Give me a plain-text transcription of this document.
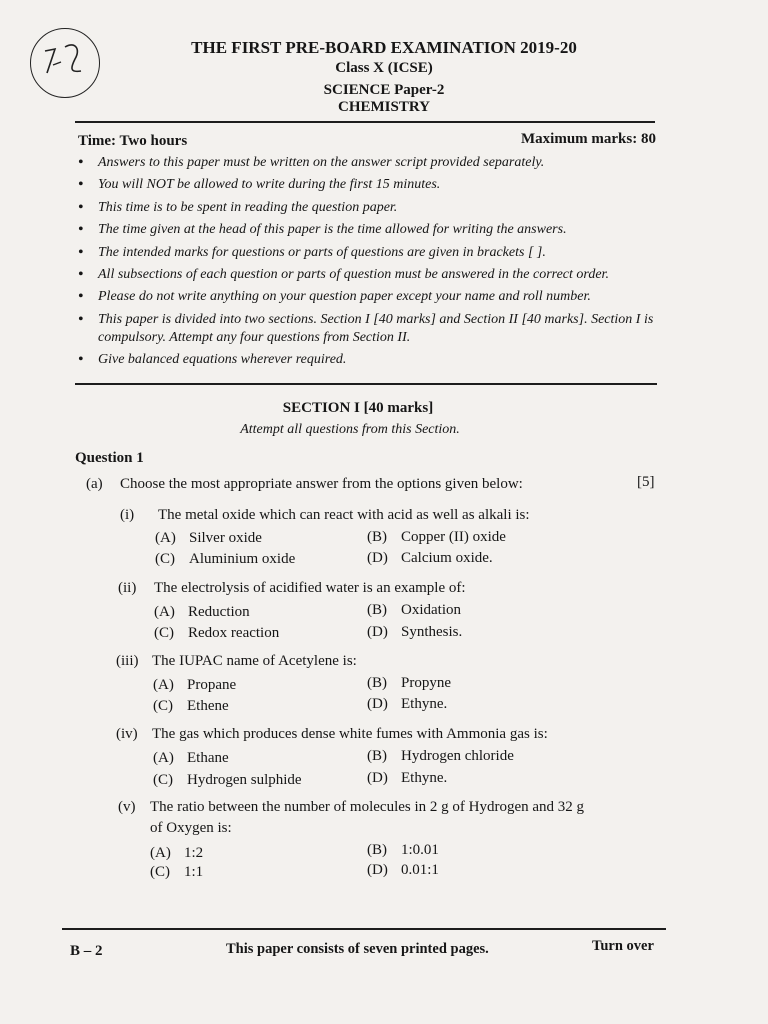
THE FIRST PRE-BOARD EXAMINATION 2019-20
Class X (ICSE)
SCIENCE Paper-2
CHEMISTRY
Time: Two hours	Maximum marks: 80
• Answers to this paper must be written on the answer script provided separately.
• You will NOT be allowed to write during the first 15 minutes.
• This time is to be spent in reading the question paper.
• The time given at the head of this paper is the time allowed for writing the answers.
• The intended marks for questions or parts of questions are given in brackets [ ].
• All subsections of each question or parts of question must be answered in the correct order.
• Please do not write anything on your question paper except your name and roll number.
• This paper is divided into two sections. Section I [40 marks] and Section II [40 marks]. Section I is compulsory. Attempt any four questions from Section II.
• Give balanced equations wherever required.
SECTION I [40 marks]
Attempt all questions from this Section.
Question 1
(a) Choose the most appropriate answer from the options given below:	[5]
(i) The metal oxide which can react with acid as well as alkali is:
(A) Silver oxide	(B) Copper (II) oxide
(C) Aluminium oxide	(D) Calcium oxide.
(ii) The electrolysis of acidified water is an example of:
(A) Reduction	(B) Oxidation
(C) Redox reaction	(D) Synthesis.
(iii) The IUPAC name of Acetylene is:
(A) Propane	(B) Propyne
(C) Ethene	(D) Ethyne.
(iv) The gas which produces dense white fumes with Ammonia gas is:
(A) Ethane	(B) Hydrogen chloride
(C) Hydrogen sulphide	(D) Ethyne.
(v) The ratio between the number of molecules in 2 g of Hydrogen and 32 g
of Oxygen is:
(A) 1:2	(B) 1:0.01
(C) 1:1	(D) 0.01:1
B – 2	This paper consists of seven printed pages.	Turn over
